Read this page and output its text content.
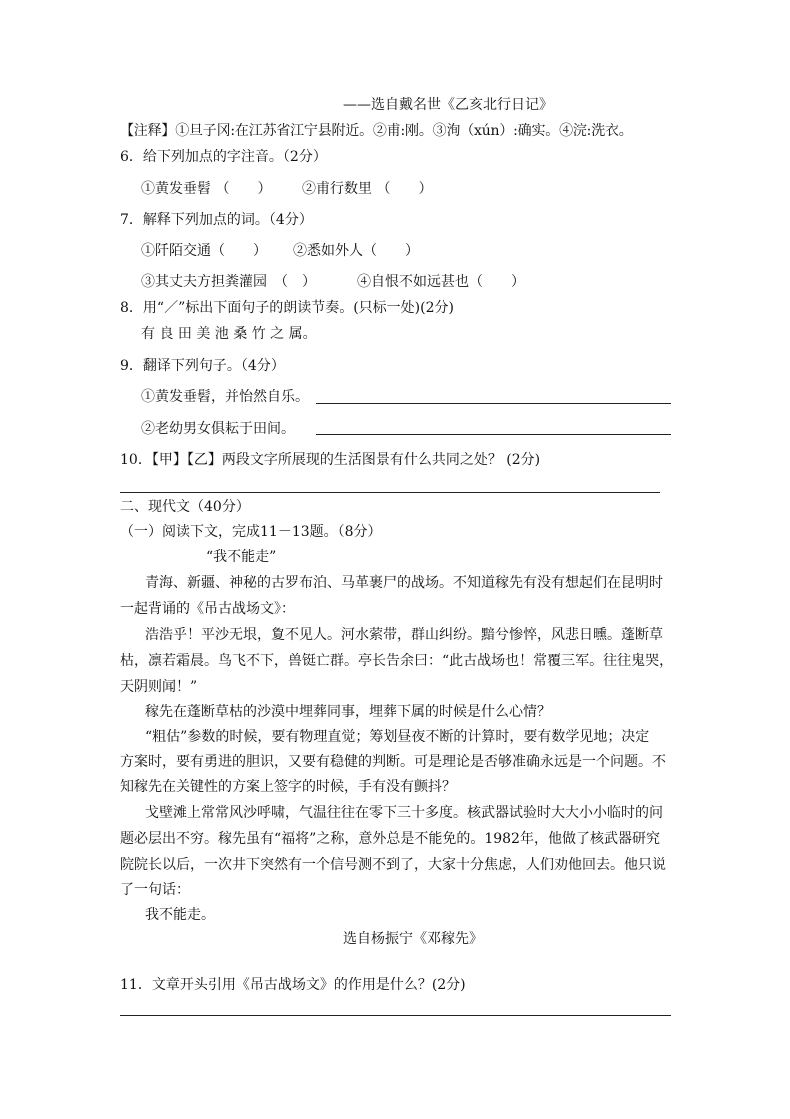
——选自戴名世《乙亥北行日记》
【注释】①旦子冈:在江苏省江宁县附近。②甫:刚。③洵（xún）:确实。④浣:洗衣。
6．给下列加点的字注音。（2分）
①黄发垂髫 （　　） ②甫行数里 （　　）
7．解释下列加点的词。（4分）
①阡陌交通（　　） ②悉如外人（　　）
③其丈夫方担粪灌园　（　）	④自恨不如远甚也（　　）
8．用“／”标出下面句子的朗读节奏。(只标一处)(2分)
有 良 田 美 池 桑 竹 之 属。
9．翻译下列句子。（4分）
①黄发垂髫，并怡然自乐。
②老幼男女俱耘于田间。
10．【甲】【乙】两段文字所展现的生活图景有什么共同之处？ (2分)
二、现代文（40分）
（一）阅读下文，完成11－13题。（8分）
“我不能走”
青海、新疆、神秘的古罗布泊、马革裹尸的战场。不知道稼先有没有想起们在昆明时
一起背诵的《吊古战场文》：
浩浩乎！平沙无垠，夐不见人。河水萦带，群山纠纷。黯兮惨悴，风悲日曛。蓬断草
枯，凛若霜晨。鸟飞不下，兽铤亡群。亭长告余曰：“此古战场也！常覆三军。往往鬼哭，
天阴则闻！”
稼先在蓬断草枯的沙漠中埋葬同事，埋葬下属的时候是什么心情？
“粗估”参数的时候，要有物理直觉；筹划昼夜不断的计算时，要有数学见地；决定
方案时，要有勇进的胆识，又要有稳健的判断。可是理论是否够准确永远是一个问题。不
知稼先在关键性的方案上签字的时候，手有没有颤抖？
戈壁滩上常常风沙呼啸，气温往往在零下三十多度。核武器试验时大大小小临时的问
题必层出不穷。稼先虽有“福将”之称，意外总是不能免的。1982年，他做了核武器研究
院院长以后，一次井下突然有一个信号测不到了，大家十分焦虑，人们劝他回去。他只说
了一句话：
我不能走。
选自杨振宁《邓稼先》
11．文章开头引用《吊古战场文》的作用是什么？(2分)
